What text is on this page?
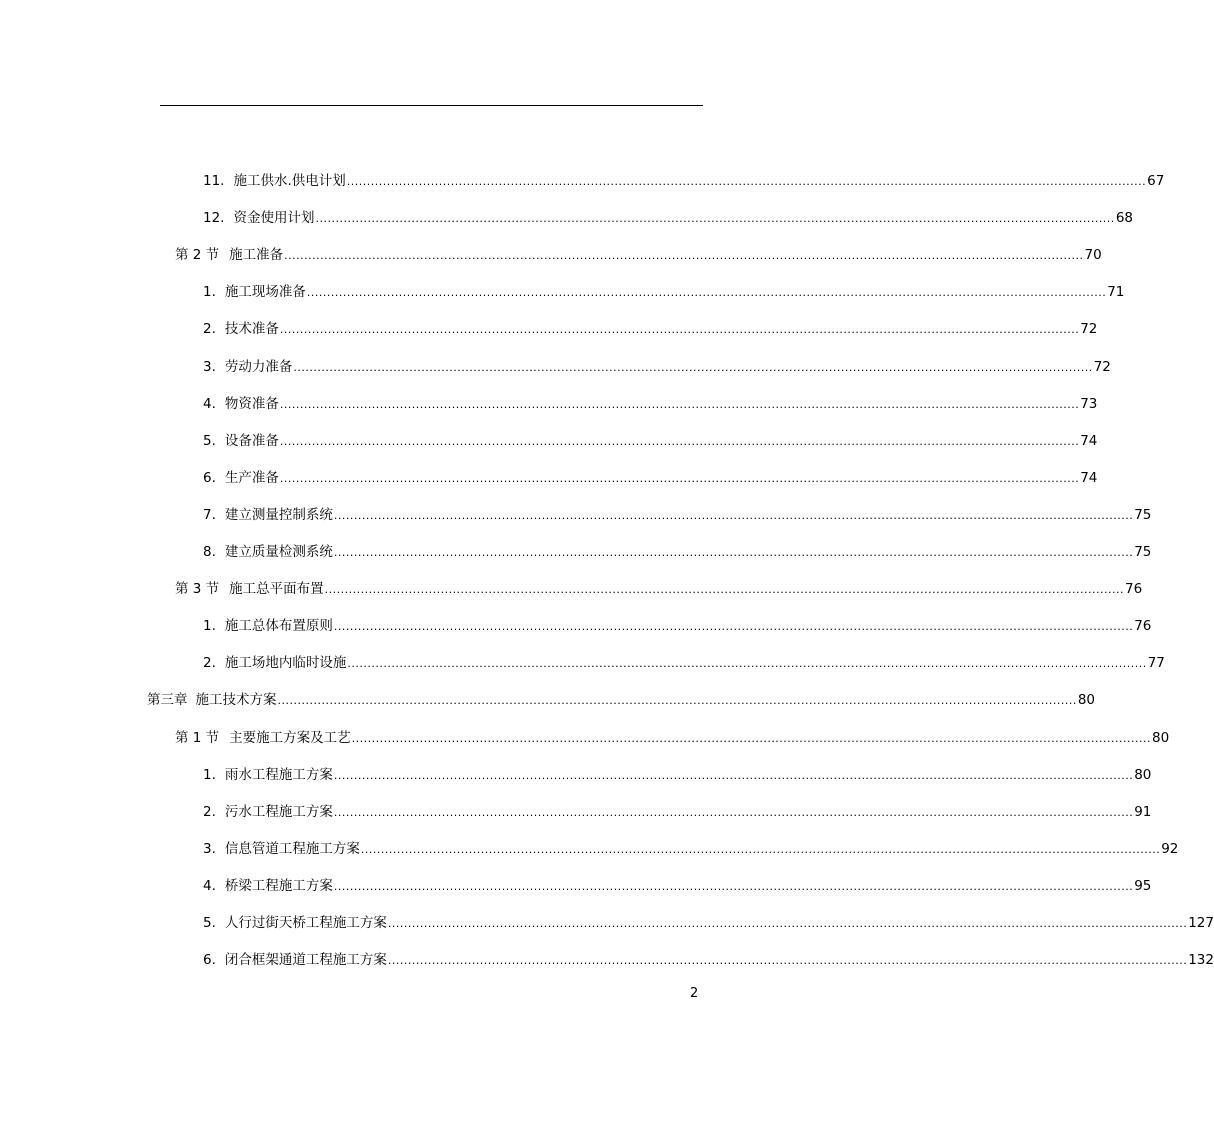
11. 施工供水.供电计划 ........................................................................................................................................................................................................ 67
12. 资金使用计划 ........................................................................................................................................................................................................ 68
第 2 节 施工准备 ........................................................................................................................................................................................................ 70
1. 施工现场准备 ........................................................................................................................................................................................................ 71
2. 技术准备 ........................................................................................................................................................................................................ 72
3. 劳动力准备 ........................................................................................................................................................................................................ 72
4. 物资准备 ........................................................................................................................................................................................................ 73
5. 设备准备 ........................................................................................................................................................................................................ 74
6. 生产准备 ........................................................................................................................................................................................................ 74
7. 建立测量控制系统 ........................................................................................................................................................................................................ 75
8. 建立质量检测系统 ........................................................................................................................................................................................................ 75
第 3 节 施工总平面布置 ........................................................................................................................................................................................................ 76
1. 施工总体布置原则 ........................................................................................................................................................................................................ 76
2. 施工场地内临时设施 ........................................................................................................................................................................................................ 77
第三章 施工技术方案 ........................................................................................................................................................................................................ 80
第 1 节 主要施工方案及工艺 ........................................................................................................................................................................................................ 80
1. 雨水工程施工方案 ........................................................................................................................................................................................................ 80
2. 污水工程施工方案 ........................................................................................................................................................................................................ 91
3. 信息管道工程施工方案 ........................................................................................................................................................................................................ 92
4. 桥梁工程施工方案 ........................................................................................................................................................................................................ 95
5. 人行过街天桥工程施工方案 ........................................................................................................................................................................................................ 127
6. 闭合框架通道工程施工方案 ........................................................................................................................................................................................................ 132
2
